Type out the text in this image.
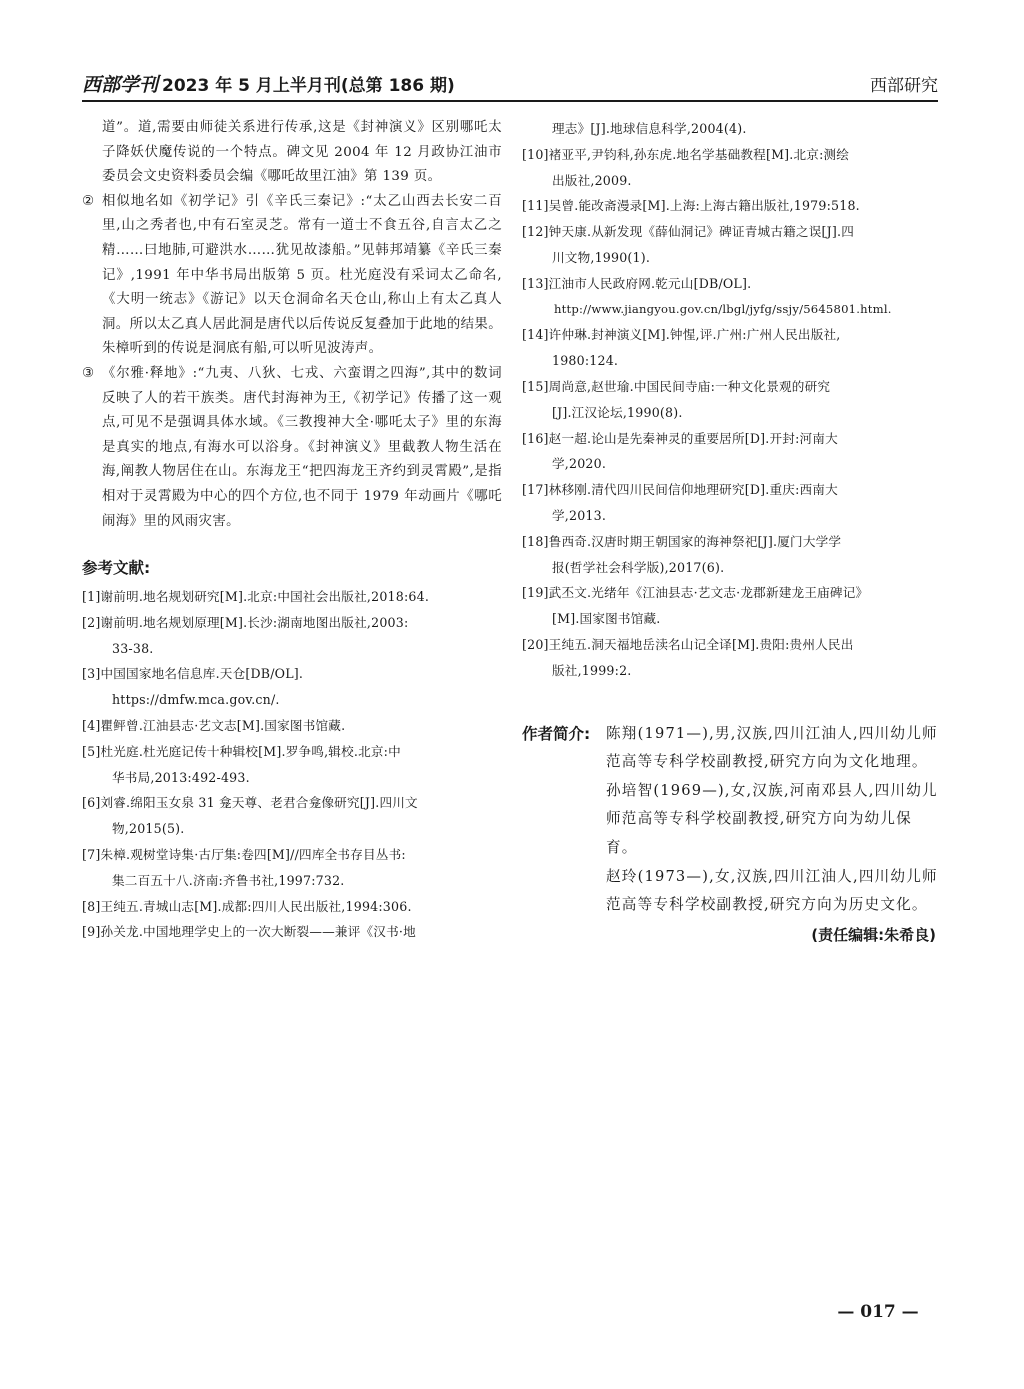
西部学刊 2023 年 5 月上半月刊(总第 186 期)	西部研究

道”。道,需要由师徒关系进行传承,这是《封神演义》区别哪吒太子降妖伏魔传说的一个特点。碑文见 2004 年 12 月政协江油市委员会文史资料委员会编《哪吒故里江油》第 139 页。

② 相似地名如《初学记》引《辛氏三秦记》:“太乙山西去长安二百里,山之秀者也,中有石室灵芝。常有一道士不食五谷,自言太乙之精……曰地肺,可避洪水……犹见故漆船。”见韩邦靖纂《辛氏三秦记》,1991 年中华书局出版第 5 页。杜光庭没有采词太乙命名,《大明一统志》《游记》以天仓洞命名天仓山,称山上有太乙真人洞。所以太乙真人居此洞是唐代以后传说反复叠加于此地的结果。朱樟听到的传说是洞底有船,可以听见波涛声。

③ 《尔雅·释地》:“九夷、八狄、七戎、六蛮谓之四海”,其中的数词反映了人的若干族类。唐代封海神为王,《初学记》传播了这一观点,可见不是强调具体水域。《三教搜神大全·哪吒太子》里的东海是真实的地点,有海水可以浴身。《封神演义》里截教人物生活在海,阐教人物居住在山。东海龙王“把四海龙王齐约到灵霄殿”,是指相对于灵霄殿为中心的四个方位,也不同于 1979 年动画片《哪吒闹海》里的风雨灾害。

参考文献:

[1]谢前明.地名规划研究[M].北京:中国社会出版社,2018:64.

[2]谢前明.地名规划原理[M].长沙:湖南地图出版社,2003:

33-38.

[3]中国国家地名信息库.天仓[DB/OL].

https://dmfw.mca.gov.cn/.

[4]瞿鲆曾.江油县志·艺文志[M].国家图书馆藏.

[5]杜光庭.杜光庭记传十种辑校[M].罗争鸣,辑校.北京:中

华书局,2013:492-493.

[6]刘睿.绵阳玉女泉 31 龛天尊、老君合龛像研究[J].四川文

物,2015(5).

[7]朱樟.观树堂诗集·古厅集:卷四[M]//四库全书存目丛书:

集二百五十八.济南:齐鲁书社,1997:732.

[8]王纯五.青城山志[M].成都:四川人民出版社,1994:306.

[9]孙关龙.中国地理学史上的一次大断裂——兼评《汉书·地

理志》[J].地球信息科学,2004(4).

[10]褚亚平,尹钧科,孙东虎.地名学基础教程[M].北京:测绘

出版社,2009.

[11]吴曾.能改斋漫录[M].上海:上海古籍出版社,1979:518.

[12]钟天康.从新发现《薛仙洞记》碑证青城古籍之误[J].四

川文物,1990(1).

[13]江油市人民政府网.乾元山[DB/OL].

http://www.jiangyou.gov.cn/lbgl/jyfg/ssjy/5645801.html.

[14]许仲琳.封神演义[M].钟惺,评.广州:广州人民出版社,

1980:124.

[15]周尚意,赵世瑜.中国民间寺庙:一种文化景观的研究

[J].江汉论坛,1990(8).

[16]赵一超.论山是先秦神灵的重要居所[D].开封:河南大

学,2020.

[17]林移刚.清代四川民间信仰地理研究[D].重庆:西南大

学,2013.

[18]鲁西奇.汉唐时期王朝国家的海神祭祀[J].厦门大学学

报(哲学社会科学版),2017(6).

[19]武丕文.光绪年《江油县志·艺文志·龙郡新建龙王庙碑记》

[M].国家图书馆藏.

[20]王纯五.洞天福地岳渎名山记全译[M].贵阳:贵州人民出

版社,1999:2.

作者简介:	陈翔(1971—),男,汉族,四川江油人,四川幼儿师范高等专科学校副教授,研究方向为文化地理。

孙培智(1969—),女,汉族,河南邓县人,四川幼儿师范高等专科学校副教授,研究方向为幼儿保育。

赵玲(1973—),女,汉族,四川江油人,四川幼儿师范高等专科学校副教授,研究方向为历史文化。

(责任编辑:朱希良)
— 017 —
